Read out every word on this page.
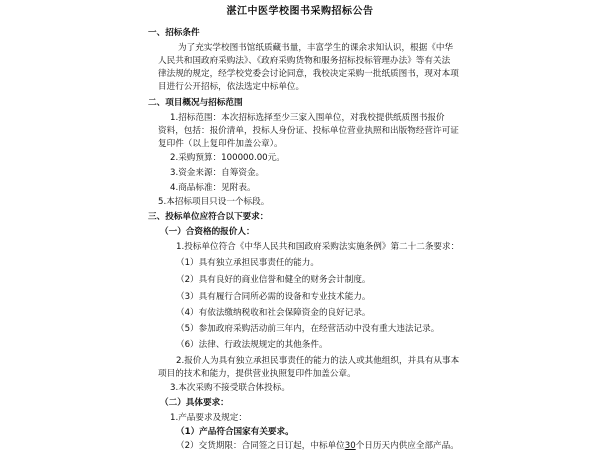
湛江中医学校图书采购招标公告
一、招标条件
为了充实学校图书馆纸质藏书量，丰富学生的课余求知认识，根据《中华
人民共和国政府采购法》、《政府采购货物和服务招标投标管理办法》等有关法
律法规的规定，经学校党委会讨论同意，我校决定采购一批纸质图书，现对本项
目进行公开招标，依法选定中标单位。
二、项目概况与招标范围
1.招标范围：本次招标选择至少三家入围单位，对我校提供纸质图书报价
资料，包括：报价清单，投标人身份证、投标单位营业执照和出版物经营许可证
复印件（以上复印件加盖公章）。
2.采购预算：100000.00元。
3.资金来源：自筹资金。
4.商品标准：见附表。
5.本招标项目只设一个标段。
三、投标单位应符合以下要求：
（一）合资格的报价人：
1.投标单位符合《中华人民共和国政府采购法实施条例》第二十二条要求：
（1）具有独立承担民事责任的能力。
（2）具有良好的商业信誉和健全的财务会计制度。
（3）具有履行合同所必需的设备和专业技术能力。
（4）有依法缴纳税收和社会保障资金的良好记录。
（5）参加政府采购活动前三年内，在经营活动中没有重大违法记录。
（6）法律、行政法规规定的其他条件。
2.报价人为具有独立承担民事责任的能力的法人或其他组织，并具有从事本
项目的技术和能力，提供营业执照复印件加盖公章。
3.本次采购不接受联合体投标。
（二）具体要求：
1.产品要求及规定：
（1）产品符合国家有关要求。
（2）交货期限：合同签之日订起，中标单位30个日历天内供应全部产品。
